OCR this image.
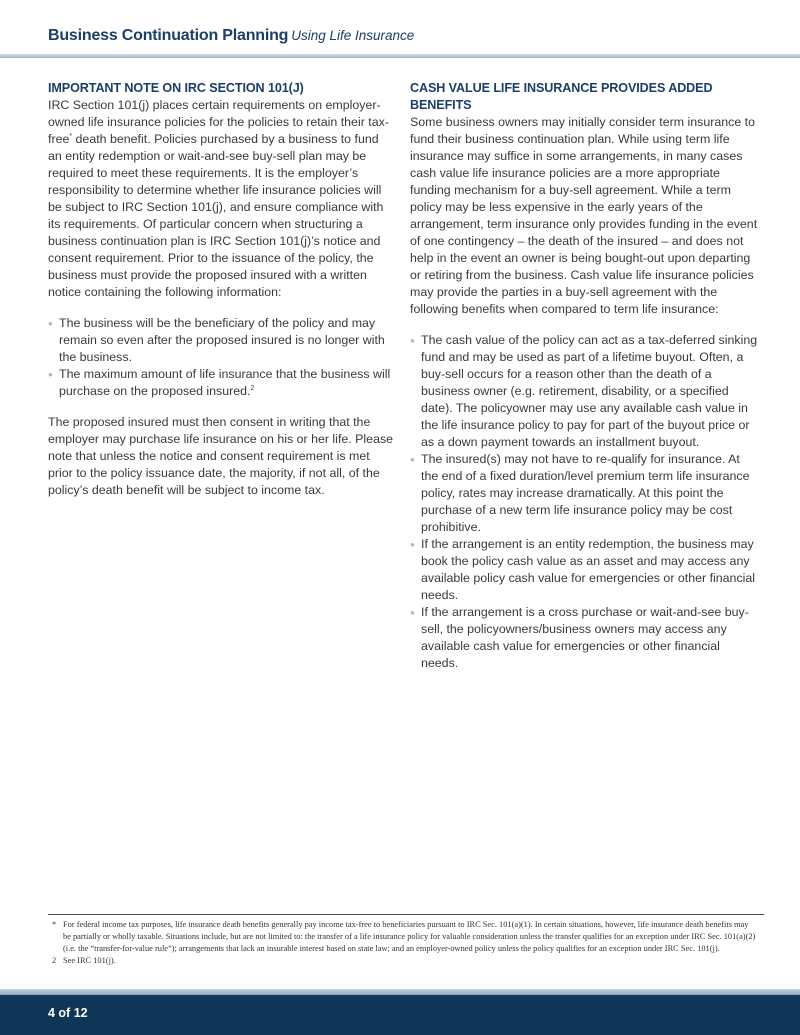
Business Continuation Planning Using Life Insurance
IMPORTANT NOTE ON IRC SECTION 101(J)

IRC Section 101(j) places certain requirements on employer-owned life insurance policies for the policies to retain their tax-free* death benefit. Policies purchased by a business to fund an entity redemption or wait-and-see buy-sell plan may be required to meet these requirements. It is the employer’s responsibility to determine whether life insurance policies will be subject to IRC Section 101(j), and ensure compliance with its requirements. Of particular concern when structuring a business continuation plan is IRC Section 101(j)’s notice and consent requirement. Prior to the issuance of the policy, the business must provide the proposed insured with a written notice containing the following information:

● The business will be the beneficiary of the policy and may remain so even after the proposed insured is no longer with the business.
● The maximum amount of life insurance that the business will purchase on the proposed insured.$^2$

The proposed insured must then consent in writing that the employer may purchase life insurance on his or her life. Please note that unless the notice and consent requirement is met prior to the policy issuance date, the majority, if not all, of the policy’s death benefit will be subject to income tax.

CASH VALUE LIFE INSURANCE PROVIDES ADDED BENEFITS

Some business owners may initially consider term insurance to fund their business continuation plan. While using term life insurance may suffice in some arrangements, in many cases cash value life insurance policies are a more appropriate funding mechanism for a buy-sell agreement. While a term policy may be less expensive in the early years of the arrangement, term insurance only provides funding in the event of one contingency – the death of the insured – and does not help in the event an owner is being bought-out upon departing or retiring from the business. Cash value life insurance policies may provide the parties in a buy-sell agreement with the following benefits when compared to term life insurance:

● The cash value of the policy can act as a tax-deferred sinking fund and may be used as part of a lifetime buyout. Often, a buy-sell occurs for a reason other than the death of a business owner (e.g. retirement, disability, or a specified date). The policyowner may use any available cash value in the life insurance policy to pay for part of the buyout price or as a down payment towards an installment buyout.
● The insured(s) may not have to re-qualify for insurance. At the end of a fixed duration/level premium term life insurance policy, rates may increase dramatically. At this point the purchase of a new term life insurance policy may be cost prohibitive.
● If the arrangement is an entity redemption, the business may book the policy cash value as an asset and may access any available policy cash value for emergencies or other financial needs.
● If the arrangement is a cross purchase or wait-and-see buy-sell, the policyowners/business owners may access any available cash value for emergencies or other financial needs.
* For federal income tax purposes, life insurance death benefits generally pay income tax-free to beneficiaries pursuant to IRC Sec. 101(a)(1). In certain situations, however, life insurance death benefits may be partially or wholly taxable. Situations include, but are not limited to: the transfer of a life insurance policy for valuable consideration unless the transfer qualifies for an exception under IRC Sec. 101(a)(2)(i.e. the “transfer-for-value rule”); arrangements that lack an insurable interest based on state law; and an employer-owned policy unless the policy qualifies for an exception under IRC Sec. 101(j).
2 See IRC 101(j).
4 of 12
